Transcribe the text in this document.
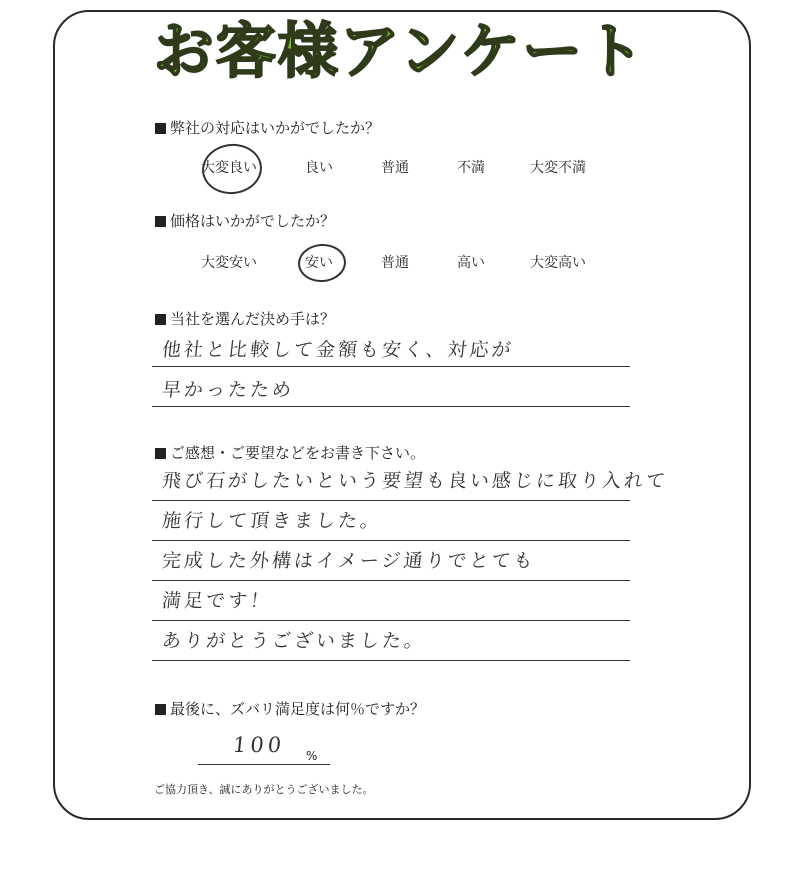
お客様アンケート
弊社の対応はいかがでしたか？
大変良い	良い	普通	不満	大変不満
価格はいかがでしたか？
大変安い	安い	普通	高い	大変高い
当社を選んだ決め手は？
他社と比較して金額も安く、対応が
早かったため
ご感想・ご要望などをお書き下さい。
飛び石がしたいという要望も良い感じに取り入れて
施行して頂きました。
完成した外構はイメージ通りでとても
満足です！
ありがとうございました。
最後に、ズバリ満足度は何％ですか？
100 %
ご協力頂き、誠にありがとうございました。
